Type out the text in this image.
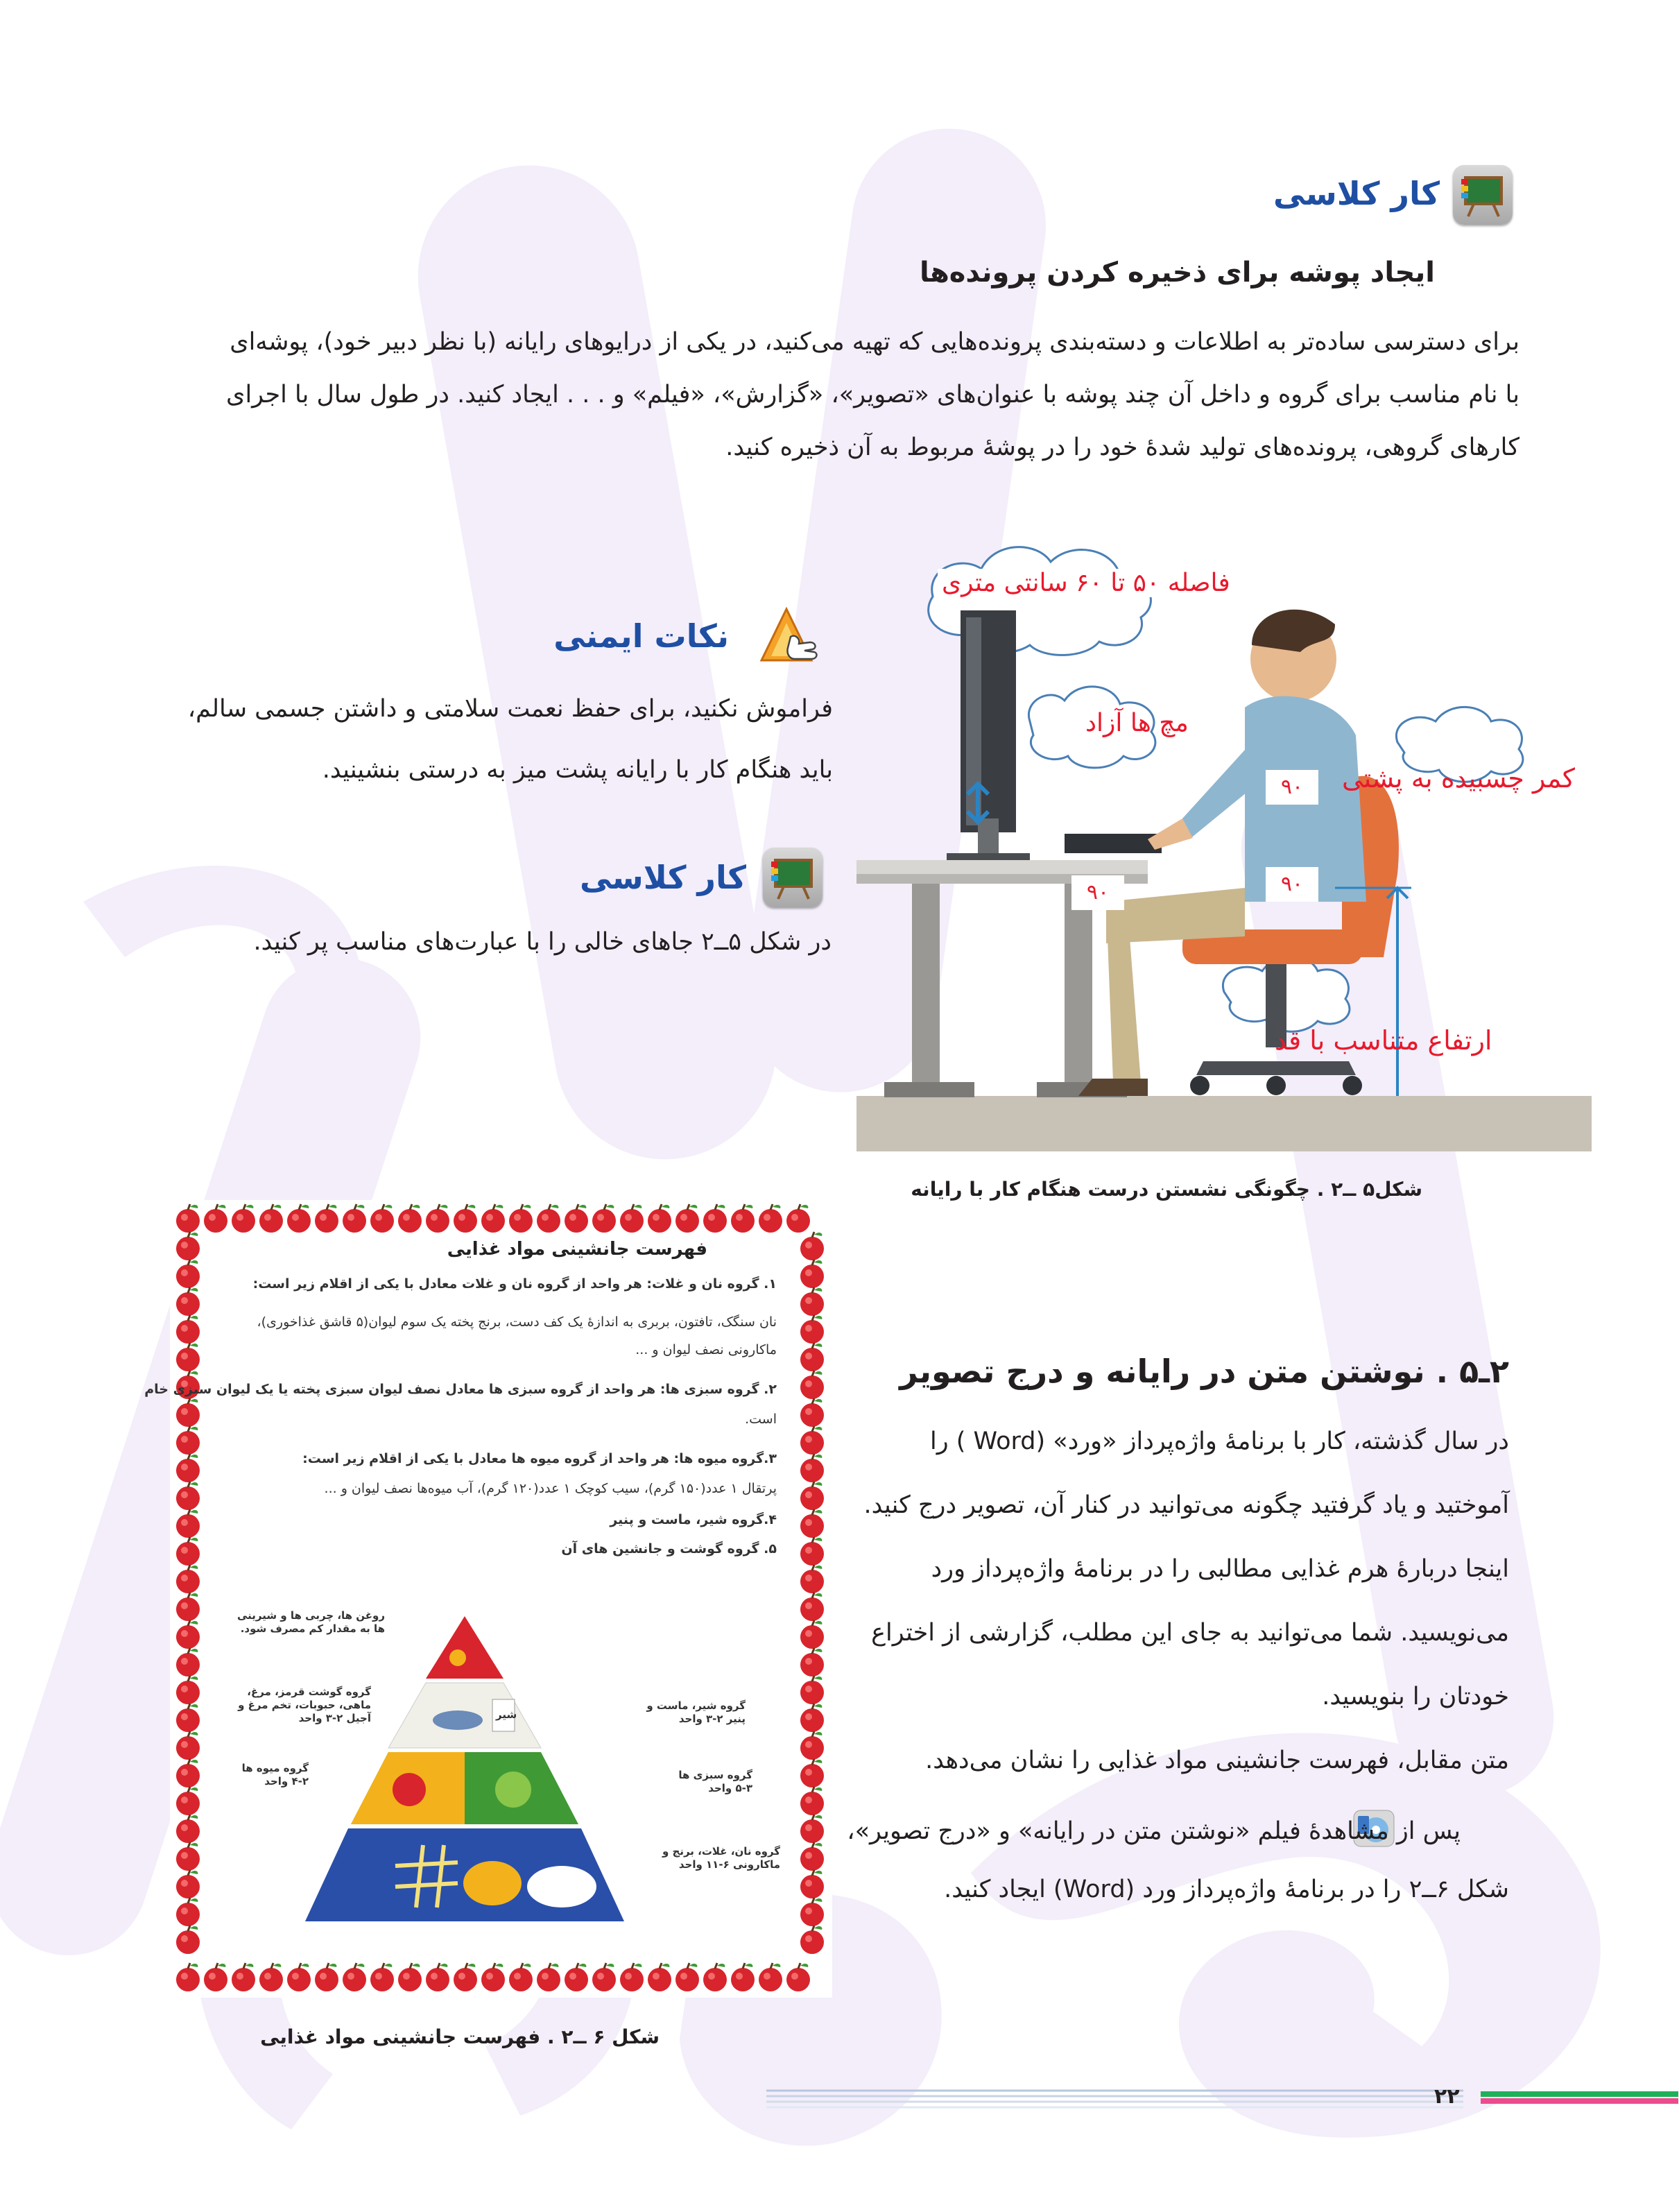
کار کلاسی
ایجاد پوشه برای ذخیره کردن پرونده‌ها

برای دسترسی ساده‌تر به اطلاعات و دسته‌بندی پرونده‌هایی که تهیه می‌کنید، در یکی از درایوهای رایانه (با نظر دبیر خود)، پوشه‌ای

با نام مناسب برای گروه و داخل آن چند پوشه با عنوان‌های «تصویر»، «گزارش»، «فیلم» و . . . ایجاد کنید. در طول سال با اجرای

کارهای گروهی، پرونده‌های تولید شدهٔ خود را در پوشهٔ مربوط به آن ذخیره کنید.

نکات ایمنی
فراموش نکنید، برای حفظ نعمت سلامتی و داشتن جسمی سالم،
باید هنگام کار با رایانه پشت میز به درستی بنشینید.
کار کلاسی
در شکل ۵ــ۲ جاهای خالی را با عبارت‌های مناسب پر کنید.
فاصله ۵۰ تا ۶۰ سانتی متری
مچ ها آزاد
کمر چسبیده به پشتی
ارتفاع متناسب با قد
۹۰
۹۰
۹۰
شکل۵ ــ۲ . چگونگی نشستن درست هنگام کار با رایانه
فهرست جانشینی مواد غذایی
۱. گروه نان و غلات: هر واحد از گروه نان و غلات معادل با یکی از اقلام زیر است:
نان سنگک، تافتون، بربری به اندازهٔ یک کف دست، برنج پخته یک سوم لیوان(۵ قاشق غذاخوری)،
ماکارونی نصف لیوان و ...
۲. گروه سبزی ها: هر واحد از گروه سبزی ها معادل نصف لیوان سبزی پخته یا یک لیوان سبزی خام
است.
۳.گروه میوه ها: هر واحد از گروه میوه ها معادل با یکی از اقلام زیر است:
پرتقال ۱ عدد(۱۵۰ گرم)، سیب کوچک ۱ عدد(۱۲۰ گرم)، آب میوه‌ها نصف لیوان و ...
۴.گروه شیر، ماست و پنیر
۵. گروه گوشت و جانشین های آن
روغن ها، چربی ها و شیرینی ها به مقدار کم مصرف شود.
گروه گوشت قرمز، مرغ، ماهی، حبوبات، تخم مرغ و آجیل ۲-۳ واحد
گروه شیر، ماست و پنیر ۲-۳ واحد
گروه میوه ها ۲-۴ واحد	گروه سبزی ها ۳-۵ واحد
گروه نان، غلات، برنج و ماکارونی ۶-۱۱ واحد
شیر
شکل ۶ ــ۲ . فهرست جانشینی مواد غذایی
۲ـ۵ . نوشتن متن در رایانه و درج تصویر
در سال گذشته، کار با برنامهٔ واژه‌پرداز «ورد» (Word ) را
آموختید و یاد گرفتید چگونه می‌توانید در کنار آن، تصویر درج کنید.
اینجا دربارهٔ هرم غذایی مطالبی را در برنامهٔ واژه‌پرداز ورد
می‌نویسید. شما می‌توانید به جای این مطلب، گزارشی از اختراع
خودتان را بنویسید.
متن مقابل، فهرست جانشینی مواد غذایی را نشان می‌دهد.
پس از مشاهدهٔ فیلم «نوشتن متن در رایانه» و «درج تصویر»،
شکل ۶ــ۲ را در برنامهٔ واژه‌پرداز ورد (Word) ایجاد کنید.
۲۲
